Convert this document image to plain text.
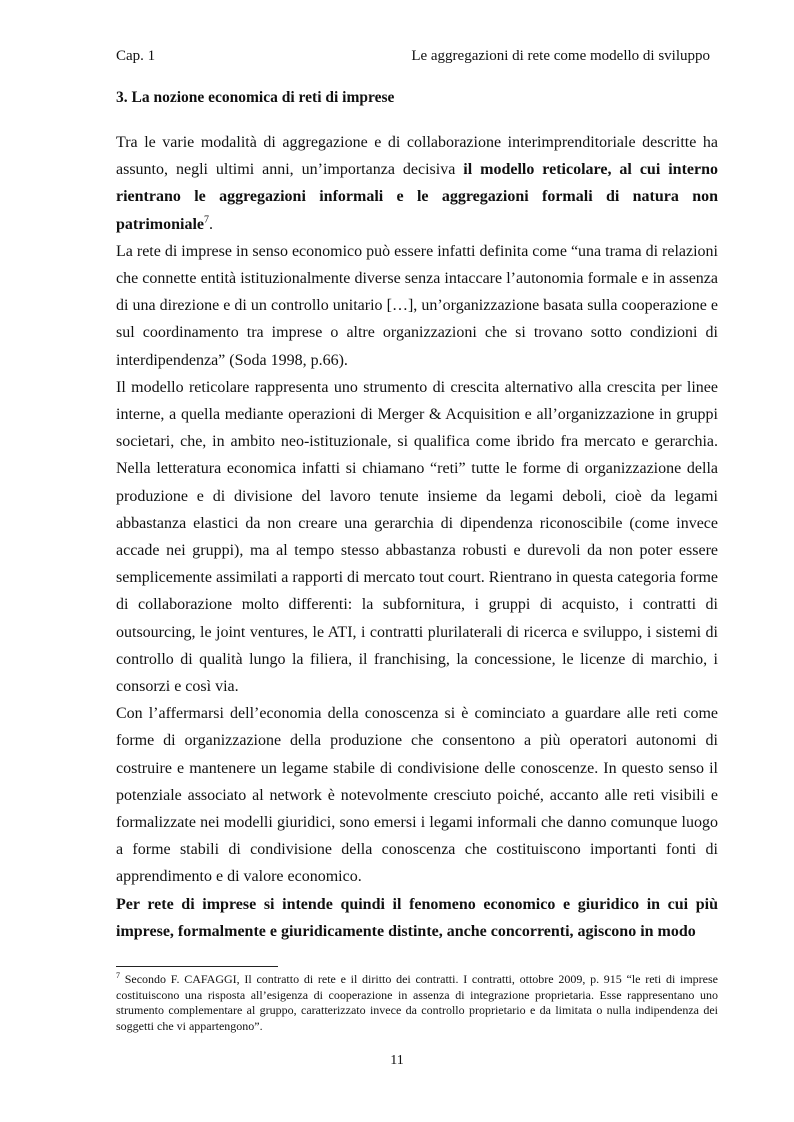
Cap. 1	Le aggregazioni di rete come modello di sviluppo
3. La nozione economica di reti di imprese

Tra le varie modalità di aggregazione e di collaborazione interimprenditoriale descritte ha assunto, negli ultimi anni, un’importanza decisiva il modello reticolare, al cui interno rientrano le aggregazioni informali e le aggregazioni formali di natura non patrimoniale$^7$.

La rete di imprese in senso economico può essere infatti definita come “una trama di relazioni che connette entità istituzionalmente diverse senza intaccare l’autonomia formale e in assenza di una direzione e di un controllo unitario […], un’organizzazione basata sulla cooperazione e sul coordinamento tra imprese o altre organizzazioni che si trovano sotto condizioni di interdipendenza” (Soda 1998, p.66).

Il modello reticolare rappresenta uno strumento di crescita alternativo alla crescita per linee interne, a quella mediante operazioni di Merger & Acquisition e all’organizzazione in gruppi societari, che, in ambito neo-istituzionale, si qualifica come ibrido fra mercato e gerarchia. Nella letteratura economica infatti si chiamano “reti” tutte le forme di organizzazione della produzione e di divisione del lavoro tenute insieme da legami deboli, cioè da legami abbastanza elastici da non creare una gerarchia di dipendenza riconoscibile (come invece accade nei gruppi), ma al tempo stesso abbastanza robusti e durevoli da non poter essere semplicemente assimilati a rapporti di mercato tout court. Rientrano in questa categoria forme di collaborazione molto differenti: la subfornitura, i gruppi di acquisto, i contratti di outsourcing, le joint ventures, le ATI, i contratti plurilaterali di ricerca e sviluppo, i sistemi di controllo di qualità lungo la filiera, il franchising, la concessione, le licenze di marchio, i consorzi e così via.

Con l’affermarsi dell’economia della conoscenza si è cominciato a guardare alle reti come forme di organizzazione della produzione che consentono a più operatori autonomi di costruire e mantenere un legame stabile di condivisione delle conoscenze. In questo senso il potenziale associato al network è notevolmente cresciuto poiché, accanto alle reti visibili e formalizzate nei modelli giuridici, sono emersi i legami informali che danno comunque luogo a forme stabili di condivisione della conoscenza che costituiscono importanti fonti di apprendimento e di valore economico.

Per rete di imprese si intende quindi il fenomeno economico e giuridico in cui più imprese, formalmente e giuridicamente distinte, anche concorrenti, agiscono in modo

$^7$ Secondo F. CAFAGGI, Il contratto di rete e il diritto dei contratti. I contratti, ottobre 2009, p. 915 “le reti di imprese costituiscono una risposta all’esigenza di cooperazione in assenza di integrazione proprietaria. Esse rappresentano uno strumento complementare al gruppo, caratterizzato invece da controllo proprietario e da limitata o nulla indipendenza dei soggetti che vi appartengono”.
11
